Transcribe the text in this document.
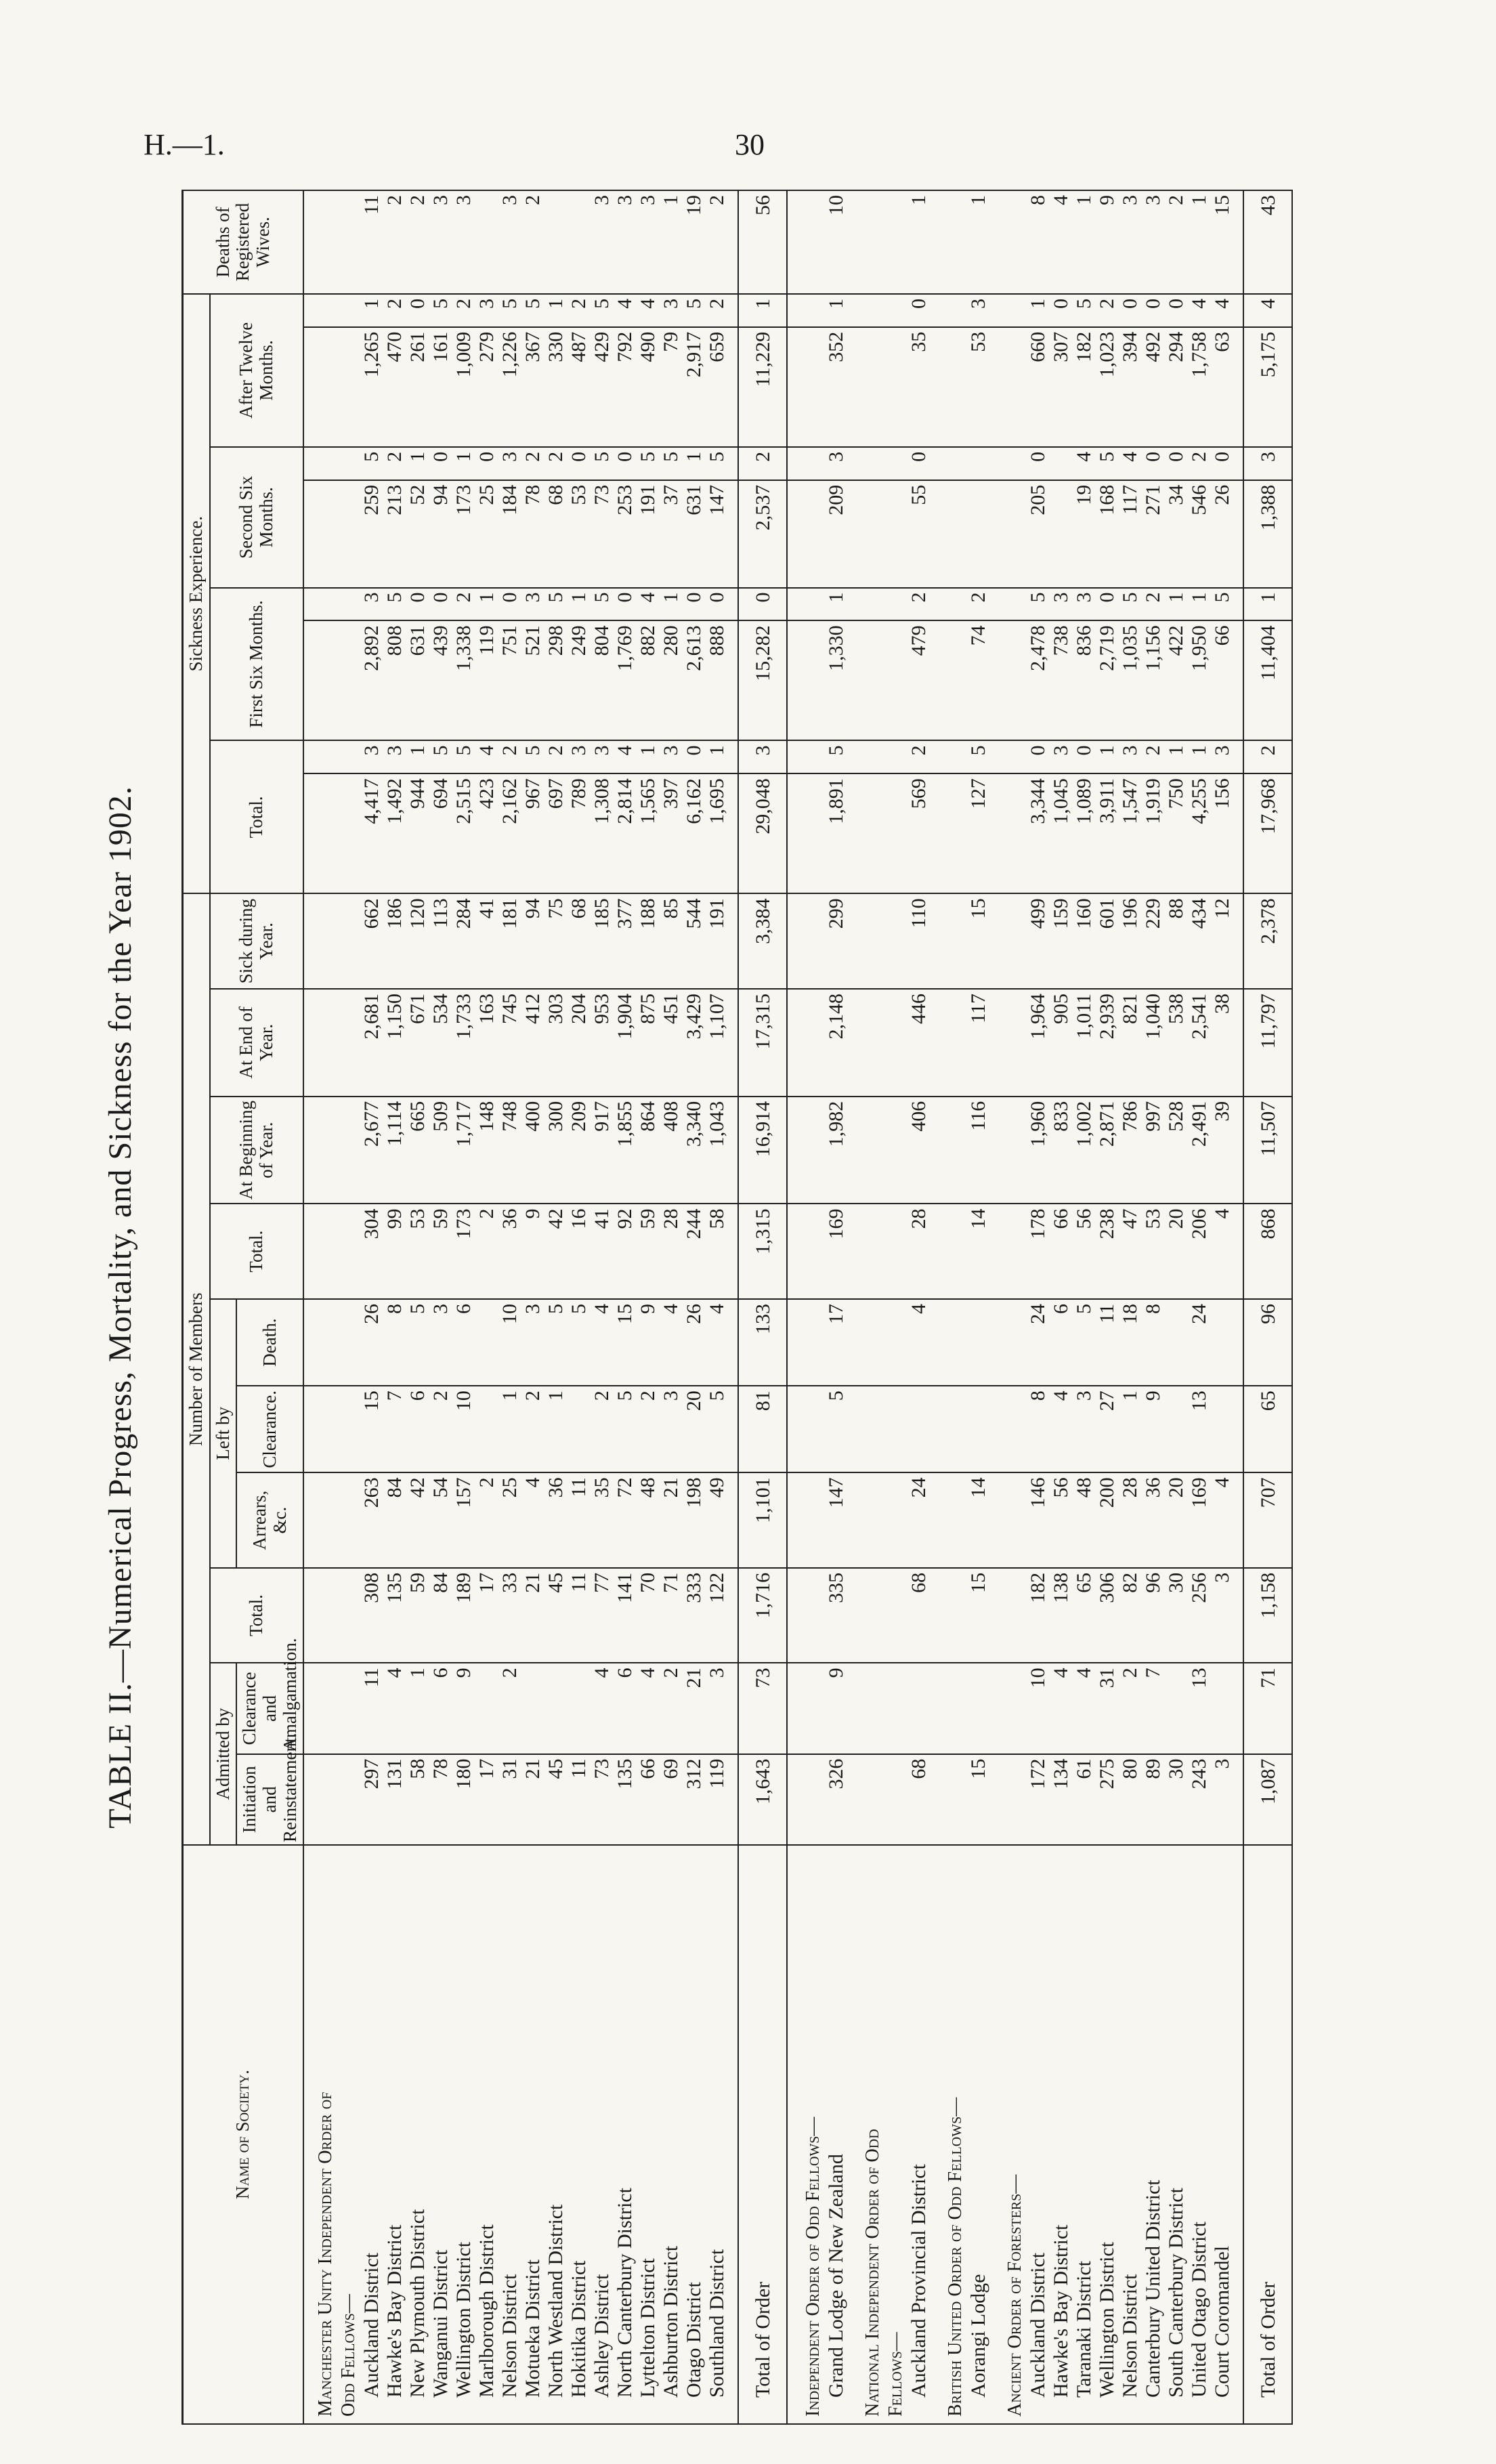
H.—1.	30
TABLE II.—Numerical Progress, Mortality, and Sickness for the Year 1902.
Name of Society.	Number of Members										Sickness Experience.								Deaths of Registered Wives.
	Admitted by		Total.	Left by			Total.	At Beginning of Year.	At End of Year.	Sick during Year.	Total.		First Six Months.		Second Six Months.		After Twelve Months.		
	Initiation and Reinstatement.	Clearance and Amalgamation.		Arrears, &c.	Clearance.	Death.													

Manchester Unity Independent Order of																			
Odd Fellows—																			
Auckland District	297	11	308	263	15	26	304	2,677	2,681	662	4,417	3	2,892	3	259	5	1,265	1	11
Hawke's Bay District	131	4	135	84	7	8	99	1,114	1,150	186	1,492	3	808	5	213	2	470	2	2
New Plymouth District	58	1	59	42	6	5	53	665	671	120	944	1	631	0	52	1	261	0	2
Wanganui District	78	6	84	54	2	3	59	509	534	113	694	5	439	0	94	0	161	5	3
Wellington District	180	9	189	157	10	6	173	1,717	1,733	284	2,515	5	1,338	2	173	1	1,009	2	3
Marlborough District	17		17	2			2	148	163	41	423	4	119	1	25	0	279	3	
Nelson District	31	2	33	25	1	10	36	748	745	181	2,162	2	751	0	184	3	1,226	5	3
Motueka District	21		21	4	2	3	9	400	412	94	967	5	521	3	78	2	367	5	2
North Westland District	45		45	36	1	5	42	300	303	75	697	2	298	5	68	2	330	1	
Hokitika District	11		11	11		5	16	209	204	68	789	3	249	1	53	0	487	2	
Ashley District	73	4	77	35	2	4	41	917	953	185	1,308	3	804	5	73	5	429	5	3
North Canterbury District	135	6	141	72	5	15	92	1,855	1,904	377	2,814	4	1,769	0	253	0	792	4	3
Lyttelton District	66	4	70	48	2	9	59	864	875	188	1,565	1	882	4	191	5	490	4	3
Ashburton District	69	2	71	21	3	4	28	408	451	85	397	3	280	1	37	5	79	3	1
Otago District	312	21	333	198	20	26	244	3,340	3,429	544	6,162	0	2,613	0	631	1	2,917	5	19
Southland District	119	3	122	49	5	4	58	1,043	1,107	191	1,695	1	888	0	147	5	659	2	2

Total of Order	1,643	73	1,716	1,101	81	133	1,315	16,914	17,315	3,384	29,048	3	15,282	0	2,537	2	11,229	1	56

Independent Order of Odd Fellows—																			
Grand Lodge of New Zealand	326	9	335	147	5	17	169	1,982	2,148	299	1,891	5	1,330	1	209	3	352	1	10

National Independent Order of Odd																			
Fellows—																			
Auckland Provincial District	68		68	24		4	28	406	446	110	569	2	479	2	55	0	35	0	1

British United Order of Odd Fellows—																			
Aorangi Lodge	15		15	14			14	116	117	15	127	5	74	2			53	3	1

Ancient Order of Foresters—																			
Auckland District	172	10	182	146	8	24	178	1,960	1,964	499	3,344	0	2,478	5	205	0	660	1	8
Hawke's Bay District	134	4	138	56	4	6	66	833	905	159	1,045	3	738	3			307	0	4
Taranaki District	61	4	65	48	3	5	56	1,002	1,011	160	1,089	0	836	3	19	4	182	5	1
Wellington District	275	31	306	200	27	11	238	2,871	2,939	601	3,911	1	2,719	0	168	5	1,023	2	9
Nelson District	80	2	82	28	1	18	47	786	821	196	1,547	3	1,035	5	117	4	394	0	3
Canterbury United District	89	7	96	36	9	8	53	997	1,040	229	1,919	2	1,156	2	271	0	492	0	3
South Canterbury District	30		30	20			20	528	538	88	750	1	422	1	34	0	294	0	2
United Otago District	243	13	256	169	13	24	206	2,491	2,541	434	4,255	1	1,950	1	546	2	1,758	4	1
Court Coromandel	3		3	4			4	39	38	12	156	3	66	5	26	0	63	4	15

Total of Order	1,087	71	1,158	707	65	96	868	11,507	11,797	2,378	17,968	2	11,404	1	1,388	3	5,175	4	43
